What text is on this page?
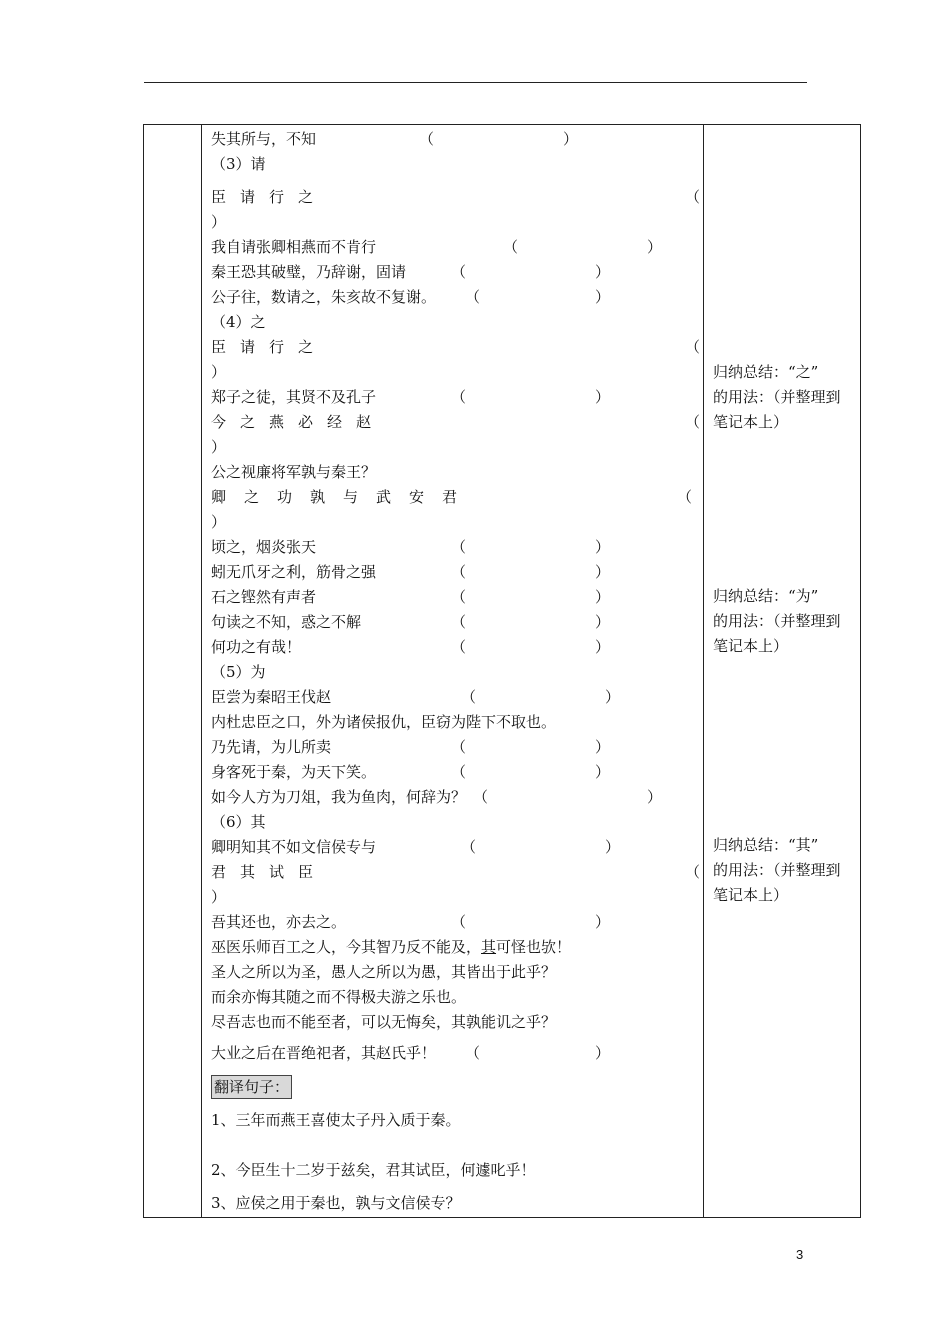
失其所与，不知	（	）
（3）请
臣请行之	（
）
我自请张卿相燕而不肯行	（	）
秦王恐其破璧，乃辞谢，固请	（	）
公子往，数请之，朱亥故不复谢。 （	）
（4）之
臣请行之	（
）
郑子之徒，其贤不及孔子	（	）
今之燕必经赵	（
）
公之视廉将军孰与秦王？
卿之功孰与武安君	（
）
顷之，烟炎张天	（	）
蚓无爪牙之利，筋骨之强	（	）
石之铿然有声者	（	）
句读之不知，惑之不解	（	）
何功之有哉！	（	）
（5）为
臣尝为秦昭王伐赵	（	）
内杜忠臣之口，外为诸侯报仇，臣窃为陛下不取也。
乃先请，为儿所卖	（	）
身客死于秦，为天下笑。	（	）
如今人方为刀俎，我为鱼肉，何辞为？ （	）
（6）其
卿明知其不如文信侯专与	（	）
君其试臣	（
）
吾其还也，亦去之。	（	）
巫医乐师百工之人，今其智乃反不能及，其可怪也欤！
圣人之所以为圣，愚人之所以为愚，其皆出于此乎？
而余亦悔其随之而不得极夫游之乐也。
尽吾志也而不能至者，可以无悔矣，其孰能讥之乎？
大业之后在晋绝祀者，其赵氏乎！ （	）
翻译句子：
1、三年而燕王喜使太子丹入质于秦。
2、今臣生十二岁于兹矣，君其试臣，何遽叱乎！
3、应侯之用于秦也，孰与文信侯专？
归纳总结：“之”
的用法：（并整理到
笔记本上）
归纳总结：“为”
的用法：（并整理到
笔记本上）
归纳总结：“其”
的用法：（并整理到
笔记本上）
3
